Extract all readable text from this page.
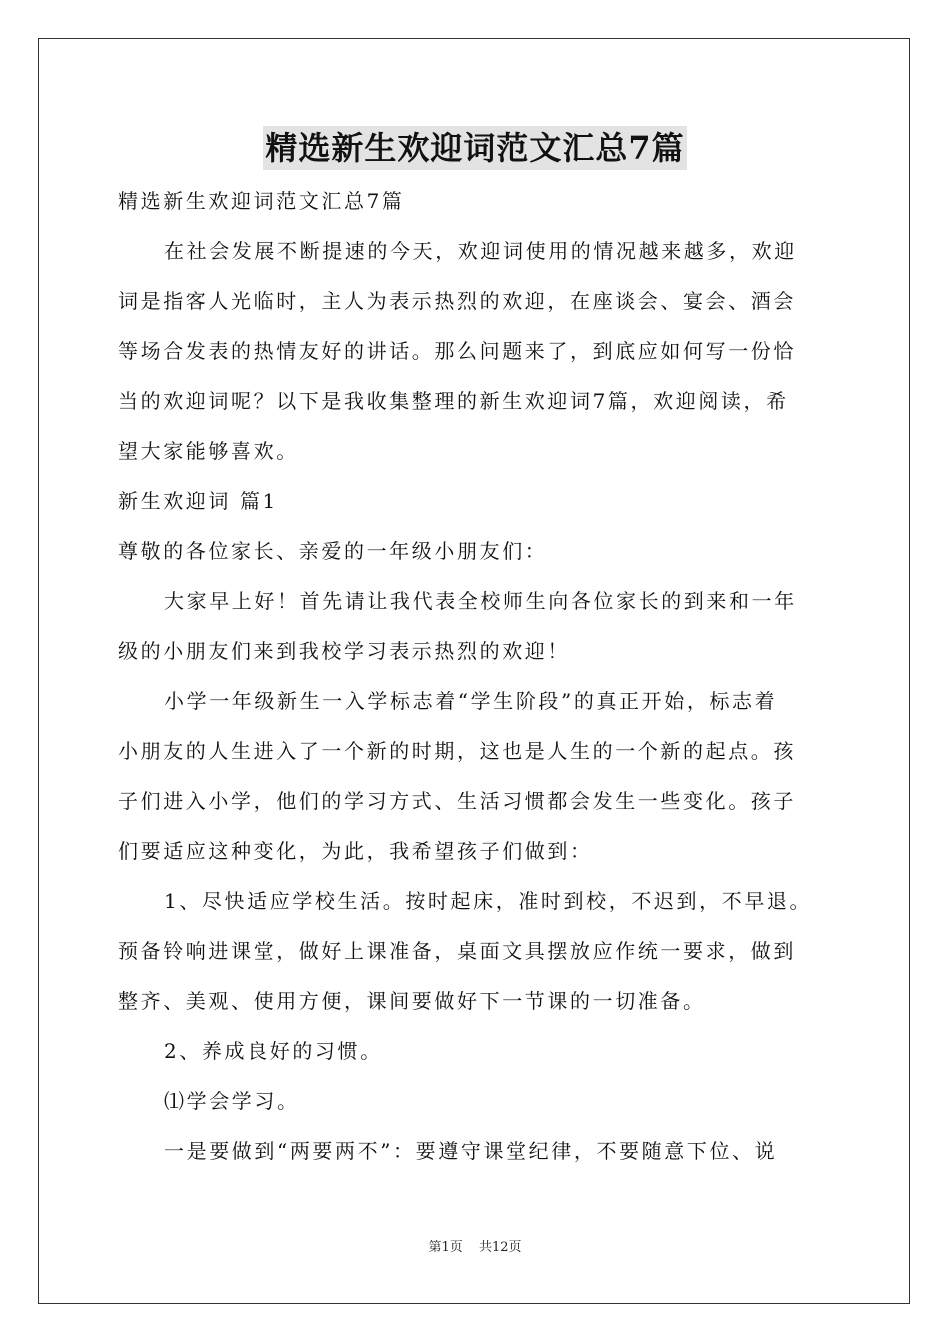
精选新生欢迎词范文汇总7篇
精选新生欢迎词范文汇总7篇
在社会发展不断提速的今天，欢迎词使用的情况越来越多，欢迎
词是指客人光临时，主人为表示热烈的欢迎，在座谈会、宴会、酒会
等场合发表的热情友好的讲话。那么问题来了，到底应如何写一份恰
当的欢迎词呢？以下是我收集整理的新生欢迎词7篇，欢迎阅读，希
望大家能够喜欢。
新生欢迎词 篇1
尊敬的各位家长、亲爱的一年级小朋友们：
大家早上好！首先请让我代表全校师生向各位家长的到来和一年
级的小朋友们来到我校学习表示热烈的欢迎！
小学一年级新生一入学标志着“学生阶段”的真正开始，标志着
小朋友的人生进入了一个新的时期，这也是人生的一个新的起点。孩
子们进入小学，他们的学习方式、生活习惯都会发生一些变化。孩子
们要适应这种变化，为此，我希望孩子们做到：
1、尽快适应学校生活。按时起床，准时到校，不迟到，不早退。
预备铃响进课堂，做好上课准备，桌面文具摆放应作统一要求，做到
整齐、美观、使用方便，课间要做好下一节课的一切准备。
2、养成良好的习惯。
⑴学会学习。
一是要做到“两要两不”：要遵守课堂纪律，不要随意下位、说
第1页 共12页
